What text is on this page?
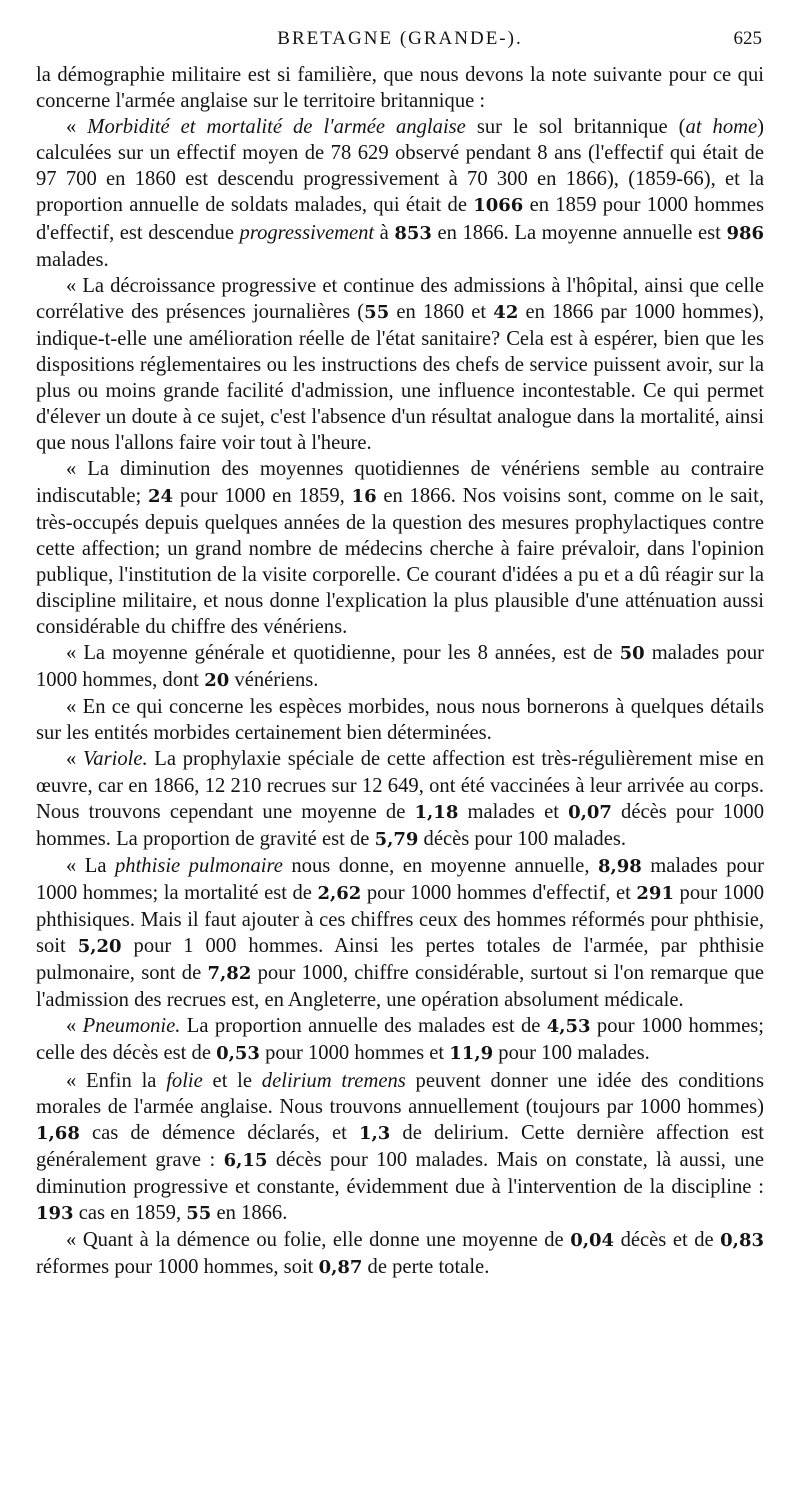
BRETAGNE (GRANDE-).	625

la démographie militaire est si familière, que nous devons la note suivante pour ce qui concerne l'armée anglaise sur le territoire britannique :

« Morbidité et mortalité de l'armée anglaise sur le sol britannique (at home) calculées sur un effectif moyen de 78 629 observé pendant 8 ans (l'effectif qui était de 97 700 en 1860 est descendu progressivement à 70 300 en 1866), (1859-66), et la proportion annuelle de soldats malades, qui était de 1066 en 1859 pour 1000 hommes d'effectif, est descendue progressivement à 853 en 1866. La moyenne annuelle est 986 malades.

« La décroissance progressive et continue des admissions à l'hôpital, ainsi que celle corrélative des présences journalières (55 en 1860 et 42 en 1866 par 1000 hommes), indique-t-elle une amélioration réelle de l'état sanitaire? Cela est à espérer, bien que les dispositions réglementaires ou les instructions des chefs de service puissent avoir, sur la plus ou moins grande facilité d'admission, une influence incontestable. Ce qui permet d'élever un doute à ce sujet, c'est l'absence d'un résultat analogue dans la mortalité, ainsi que nous l'allons faire voir tout à l'heure.

« La diminution des moyennes quotidiennes de vénériens semble au contraire indiscutable; 24 pour 1000 en 1859, 16 en 1866. Nos voisins sont, comme on le sait, très-occupés depuis quelques années de la question des mesures prophylactiques contre cette affection; un grand nombre de médecins cherche à faire prévaloir, dans l'opinion publique, l'institution de la visite corporelle. Ce courant d'idées a pu et a dû réagir sur la discipline militaire, et nous donne l'explication la plus plausible d'une atténuation aussi considérable du chiffre des vénériens.

« La moyenne générale et quotidienne, pour les 8 années, est de 50 malades pour 1000 hommes, dont 20 vénériens.

« En ce qui concerne les espèces morbides, nous nous bornerons à quelques détails sur les entités morbides certainement bien déterminées.

« Variole. La prophylaxie spéciale de cette affection est très-régulièrement mise en œuvre, car en 1866, 12 210 recrues sur 12 649, ont été vaccinées à leur arrivée au corps. Nous trouvons cependant une moyenne de 1,18 malades et 0,07 décès pour 1000 hommes. La proportion de gravité est de 5,79 décès pour 100 malades.

« La phthisie pulmonaire nous donne, en moyenne annuelle, 8,98 malades pour 1000 hommes; la mortalité est de 2,62 pour 1000 hommes d'effectif, et 291 pour 1000 phthisiques. Mais il faut ajouter à ces chiffres ceux des hommes réformés pour phthisie, soit 5,20 pour 1 000 hommes. Ainsi les pertes totales de l'armée, par phthisie pulmonaire, sont de 7,82 pour 1000, chiffre considérable, surtout si l'on remarque que l'admission des recrues est, en Angleterre, une opération absolument médicale.

« Pneumonie. La proportion annuelle des malades est de 4,53 pour 1000 hommes; celle des décès est de 0,53 pour 1000 hommes et 11,9 pour 100 malades.

« Enfin la folie et le delirium tremens peuvent donner une idée des conditions morales de l'armée anglaise. Nous trouvons annuellement (toujours par 1000 hommes) 1,68 cas de démence déclarés, et 1,3 de delirium. Cette dernière affection est généralement grave : 6,15 décès pour 100 malades. Mais on constate, là aussi, une diminution progressive et constante, évidemment due à l'intervention de la discipline : 193 cas en 1859, 55 en 1866.

« Quant à la démence ou folie, elle donne une moyenne de 0,04 décès et de 0,83 réformes pour 1000 hommes, soit 0,87 de perte totale.
